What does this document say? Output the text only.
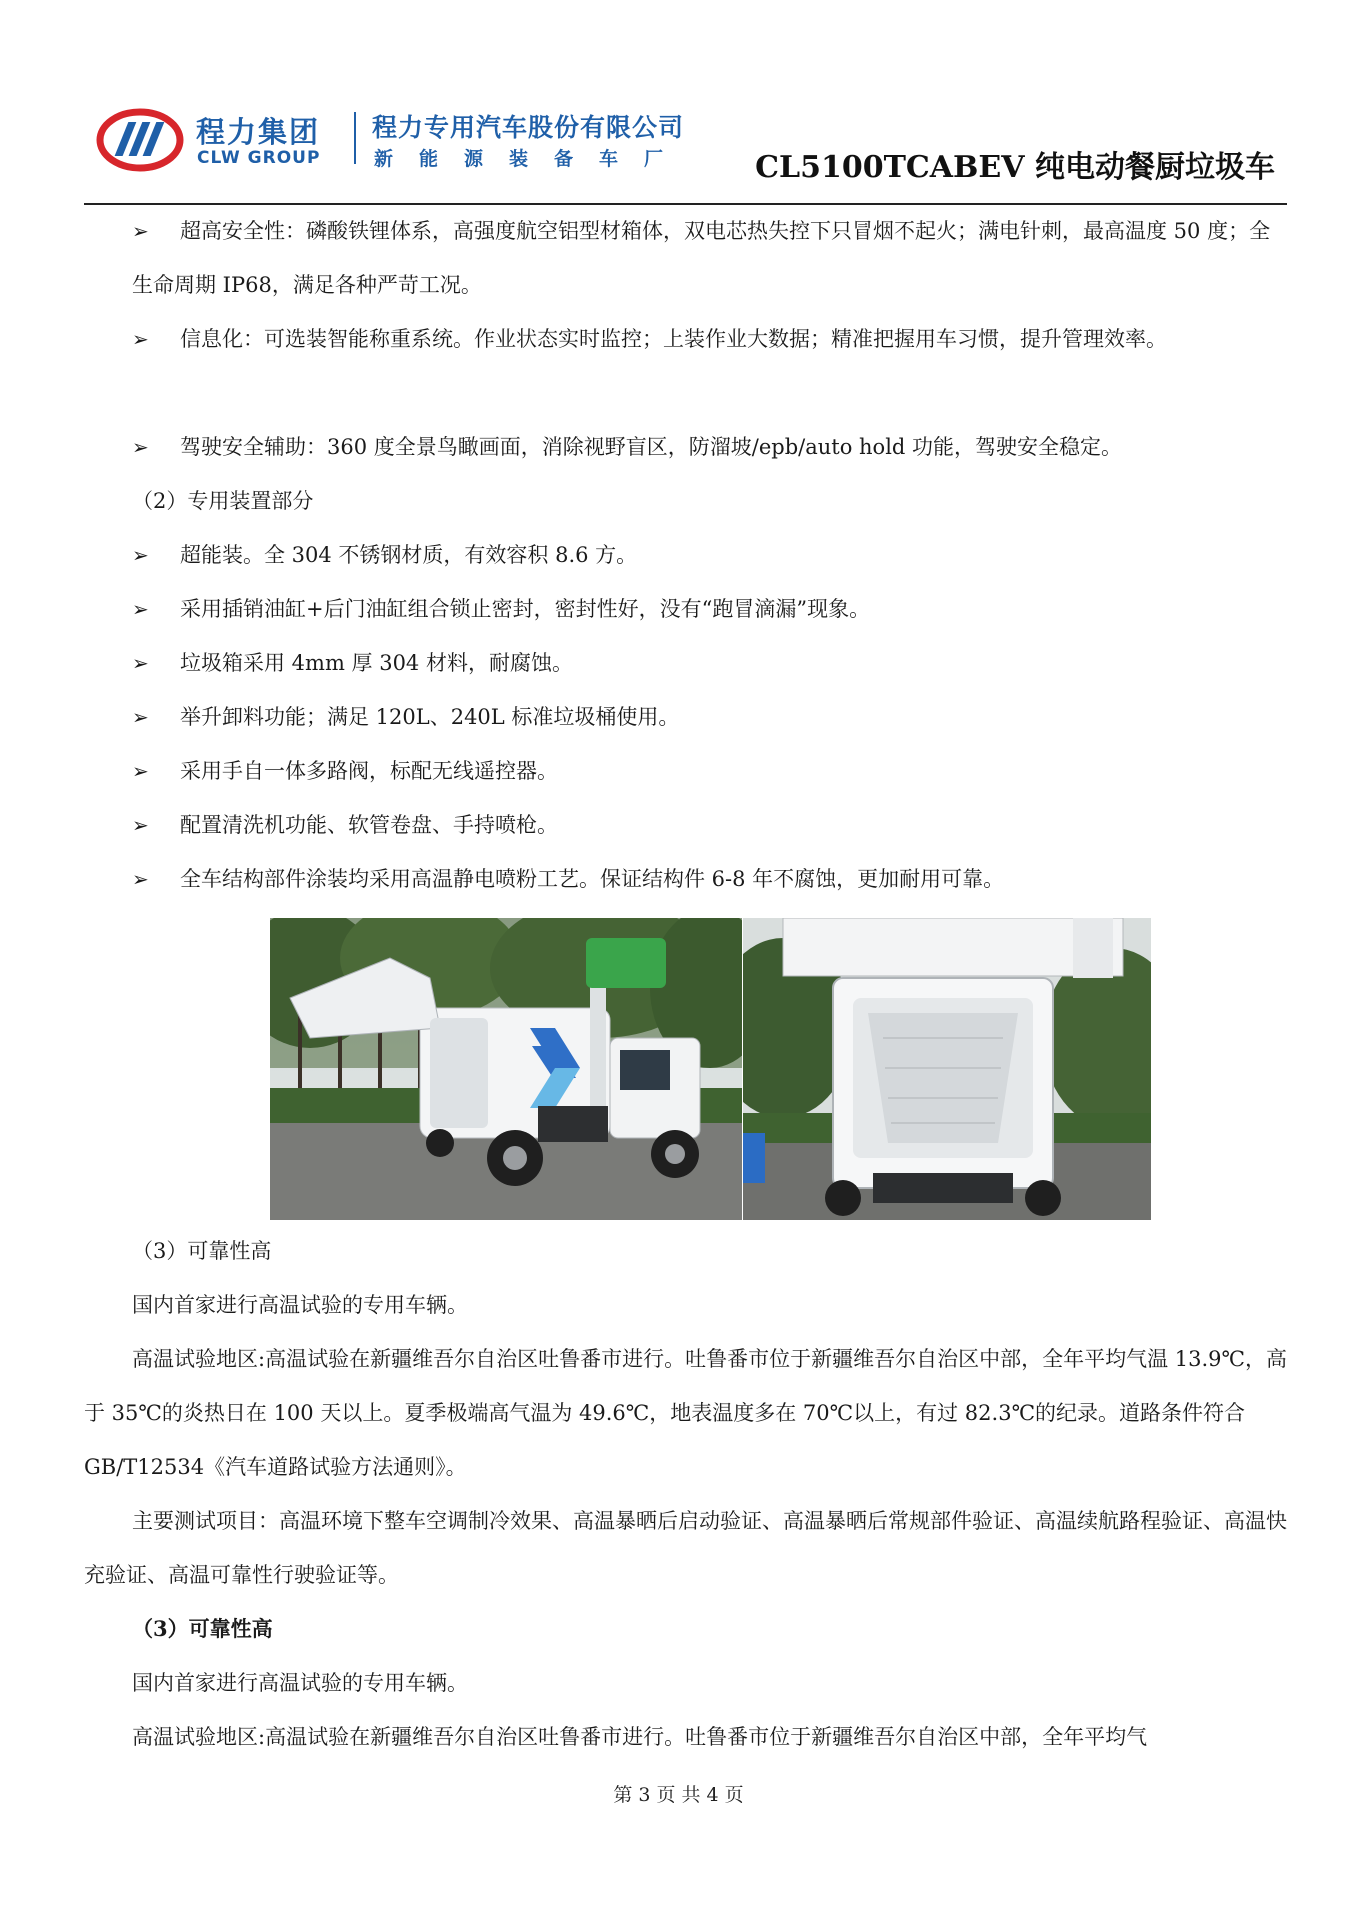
程力集团
CLW GROUP
程力专用汽车股份有限公司
新能源装备车厂 CL5100TCABEV 纯电动餐厨垃圾车

➢ 超高安全性：磷酸铁锂体系，高强度航空铝型材箱体，双电芯热失控下只冒烟不起火；满电针刺，最高温度 50 度；全生命周期 IP68，满足各种严苛工况。

➢ 信息化：可选装智能称重系统。作业状态实时监控；上装作业大数据；精准把握用车习惯，提升管理效率。

➢ 驾驶安全辅助：360 度全景鸟瞰画面，消除视野盲区，防溜坡/epb/auto hold 功能，驾驶安全稳定。

（2）专用装置部分

➢ 超能装。全 304 不锈钢材质，有效容积 8.6 方。

➢ 采用插销油缸+后门油缸组合锁止密封，密封性好，没有“跑冒滴漏”现象。

➢ 垃圾箱采用 4mm 厚 304 材料，耐腐蚀。

➢ 举升卸料功能；满足 120L、240L 标准垃圾桶使用。

➢ 采用手自一体多路阀，标配无线遥控器。

➢ 配置清洗机功能、软管卷盘、手持喷枪。

➢ 全车结构部件涂装均采用高温静电喷粉工艺。保证结构件 6-8 年不腐蚀，更加耐用可靠。

（3）可靠性高

国内首家进行高温试验的专用车辆。

高温试验地区:高温试验在新疆维吾尔自治区吐鲁番市进行。吐鲁番市位于新疆维吾尔自治区中部，全年平均气温 13.9℃，高于 35℃的炎热日在 100 天以上。夏季极端高气温为 49.6℃，地表温度多在 70℃以上，有过 82.3℃的纪录。道路条件符合 GB/T12534《汽车道路试验方法通则》。

主要测试项目：高温环境下整车空调制冷效果、高温暴晒后启动验证、高温暴晒后常规部件验证、高温续航路程验证、高温快充验证、高温可靠性行驶验证等。

（3）可靠性高

国内首家进行高温试验的专用车辆。

高温试验地区:高温试验在新疆维吾尔自治区吐鲁番市进行。吐鲁番市位于新疆维吾尔自治区中部，全年平均气

第 3 页 共 4 页
